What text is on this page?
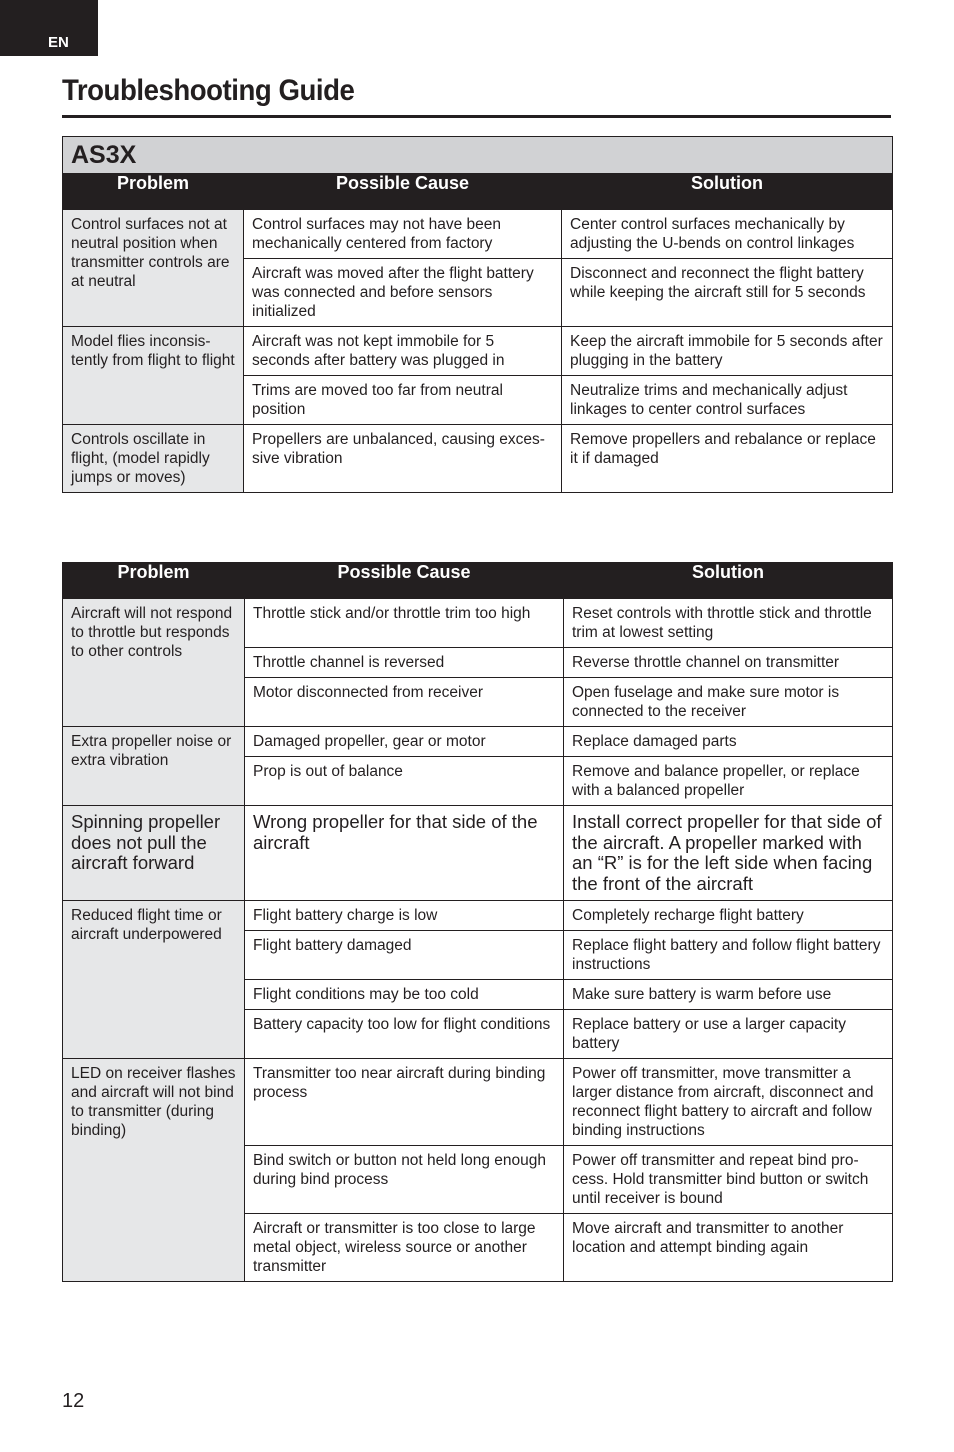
EN
Troubleshooting Guide
AS3X		
Problem	Possible Cause	Solution
Control surfaces not at neutral position when transmitter controls are at neutral	Control surfaces may not have been mechanically centered from factory	Center control surfaces mechanically by adjusting the U-bends on control linkages
	Aircraft was moved after the flight battery was connected and before sensors initialized	Disconnect and reconnect the flight battery while keeping the aircraft still for 5 seconds
Model flies inconsis-tently from flight to flight	Aircraft was not kept immobile for 5 seconds after battery was plugged in	Keep the aircraft immobile for 5 seconds after plugging in the battery
	Trims are moved too far from neutral position	Neutralize trims and mechanically adjust linkages to center control surfaces
Controls oscillate in flight, (model rapidly jumps or moves)	Propellers are unbalanced, causing exces-sive vibration	Remove propellers and rebalance or replace it if damaged
Problem	Possible Cause	Solution
Aircraft will not respond to throttle but responds to other controls	Throttle stick and/or throttle trim too high	Reset controls with throttle stick and throttle trim at lowest setting
	Throttle channel is reversed	Reverse throttle channel on transmitter
	Motor disconnected from receiver	Open fuselage and make sure motor is connected to the receiver
Extra propeller noise or extra vibration	Damaged propeller, gear or motor	Replace damaged parts
	Prop is out of balance	Remove and balance propeller, or replace with a balanced propeller
Spinning propeller does not pull the aircraft forward	Wrong propeller for that side of the aircraft	Install correct propeller for that side of the aircraft. A propeller marked with an “R” is for the left side when facing the front of the aircraft
Reduced flight time or aircraft underpowered	Flight battery charge is low	Completely recharge flight battery
	Flight battery damaged	Replace flight battery and follow flight battery instructions
	Flight conditions may be too cold	Make sure battery is warm before use
	Battery capacity too low for flight conditions	Replace battery or use a larger capacity battery
LED on receiver flashes and aircraft will not bind to transmitter (during binding)	Transmitter too near aircraft during binding process	Power off transmitter, move transmitter a larger distance from aircraft, disconnect and reconnect flight battery to aircraft and follow binding instructions
	Bind switch or button not held long enough during bind process	Power off transmitter and repeat bind pro-cess. Hold transmitter bind button or switch until receiver is bound
	Aircraft or transmitter is too close to large metal object, wireless source or another transmitter	Move aircraft and transmitter to another location and attempt binding again
12
